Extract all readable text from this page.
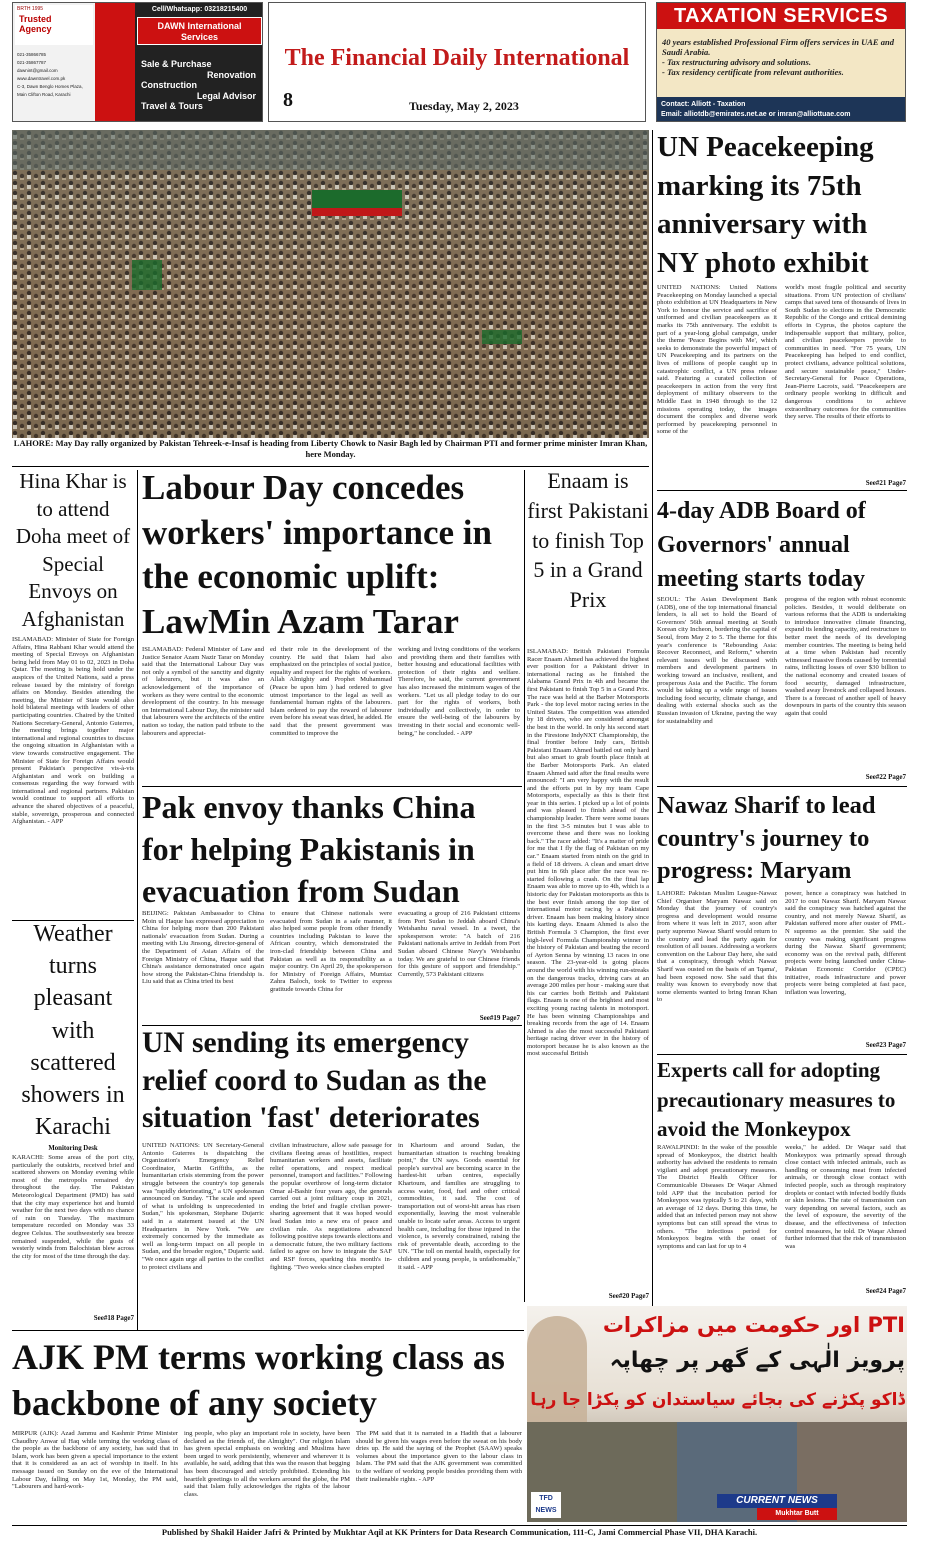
BRTH 1995
Trusted Agency
021-35866785
021-35867787
dawnint@gmail.com
www.dawntravel.com.pk
C-3, Dawn Benglo Homes Plaza, Main Clifton Road, Karachi
Cell/Whatsapp: 03218215400
DAWN International Services
Sale & Purchase
Renovation
Construction
Legal Advisor
Travel & Tours
The Financial Daily International
8	Tuesday, May 2, 2023
TAXATION SERVICES
40 years established Professional Firm offers services in UAE and Saudi Arabia.
- Tax restructuring advisory and solutions.
- Tax residency certificate from relevant authorities.
Contact: Alliott - Taxation
Email: alliotdb@emirates.net.ae or imran@alliottuae.com
LAHORE: May Day rally organized by Pakistan Tehreek-e-Insaf is heading from Liberty Chowk to Nasir Bagh led by Chairman PTI and former prime minister Imran Khan, here Monday.
UN Peacekeeping marking its 75th anniversary with NY photo exhibit
UNITED NATIONS: United Nations Peacekeeping on Monday launched a special photo exhibition at UN Headquarters in New York to honour the service and sacrifice of uniformed and civilian peacekeepers as it marks its 75th anniversary. The exhibit is part of a year-long global campaign, under the theme 'Peace Begins with Me', which seeks to demonstrate the powerful impact of UN Peacekeeping and its partners on the lives of millions of people caught up in catastrophic conflict, a UN press release said. Featuring a curated collection of peacekeepers in action from the very first deployment of military observers to the Middle East in 1948 through to the 12 missions operating today, the images document the complex and diverse work performed by peacekeeping personnel in some of the
world's most fragile political and security situations. From UN protection of civilians' camps that saved tens of thousands of lives in South Sudan to elections in the Democratic Republic of the Congo and critical demining efforts in Cyprus, the photos capture the indispensable support that military, police, and civilian peacekeepers provide to communities in need. "For 75 years, UN Peacekeeping has helped to end conflict, protect civilians, advance political solutions, and secure sustainable peace," Under-Secretary-General for Peace Operations, Jean-Pierre Lacroix, said. "Peacekeepers are ordinary people working in difficult and dangerous conditions to achieve extraordinary outcomes for the communities they serve. The results of their efforts to
See#21 Page7
Hina Khar is to attend Doha meet of Special Envoys on Afghanistan
ISLAMABAD: Minister of State for Foreign Affairs, Hina Rabbani Khar would attend the meeting of Special Envoys on Afghanistan being held from May 01 to 02, 2023 in Doha Qatar. The meeting is being hold under the auspices of the United Nations, said a press release issued by the ministry of foreign affairs on Monday. Besides attending the meeting, the Minister of State would also hold bilateral meetings with leaders of other participating countries. Chaired by the United Nations Secretary-General, Antonio Guterres, the meeting brings together major international and regional countries to discuss the ongoing situation in Afghanistan with a view towards constructive engagement. The Minister of State for Foreign Affairs would present Pakistan's perspective vis-à-vis Afghanistan and work on building a consensus regarding the way forward with international and regional partners. Pakistan would continue to support all efforts to advance the shared objectives of a peaceful, stable, sovereign, prosperous and connected Afghanistan. - APP
Labour Day concedes workers' importance in the economic uplift: LawMin Azam Tarar
ISLAMABAD: Federal Minister of Law and Justice Senator Azam Nazir Tarar on Monday said that the International Labour Day was not only a symbol of the sanctity and dignity of labourers, but it was also an acknowledgement of the importance of workers as they were central to the economic development of the country. In his message on International Labour Day, the minister said that labourers were the architects of the entire nation so today, the nation paid tribute to the labourers and appreciat-
ed their role in the development of the country. He said that Islam had also emphasized on the principles of social justice, equality and respect for the rights of workers. Allah Almighty and Prophet Muhammad (Peace be upon him ) had ordered to give utmost importance to the legal as well as fundamental human rights of the labourers. Islam ordered to pay the reward of labourer even before his sweat was dried, he added. He said that the present government was committed to improve the
working and living conditions of the workers and providing them and their families with better housing and educational facilities with protection of their rights and welfare. Therefore, he said, the current government has also increased the minimum wages of the workers. "Let us all pledge today to do our part for the rights of workers, both individually and collectively, in order to ensure the well-being of the labourers by investing in their social and economic well-being," he concluded. - APP
Enaam is first Pakistani to finish Top 5 in a Grand Prix
ISLAMABAD: British Pakistani Formula Racer Enaam Ahmed has achieved the highest ever position for a Pakistani driver in international racing as he finished the Alabama Grand Prix in 4th and became the first Pakistani to finish Top 5 in a Grand Prix. The race was held at the Barber Motorsports Park - the top level motor racing series in the United States. The competition was attended by 18 drivers, who are considered amongst the best in the world. In only his second start in the Firestone IndyNXT Championship, the final frontier before Indy cars, British Pakistani Enaam Ahmed battled out only hard but also smart to grab fourth place finish at the Barber Motorsports Park. An elated Enaam Ahmed said after the final results were announced: "I am very happy with the result and the efforts put in by my team Cape Motorsports, especially as this is their first year in this series. I picked up a lot of points and was pleased to finish ahead of the championship leader. There were some issues in the first 3-5 minutes but I was able to overcome these and there was no looking back." The racer added: "It's a matter of pride for me that I fly the flag of Pakistan on my car." Enaam started from ninth on the grid in a field of 18 drivers. A clean and smart drive put him in 6th place after the race was re-started following a crash. On the final lap Enaam was able to move up to 4th, which is a historic day for Pakistan motorsports as this is the best ever finish among the top tier of international motor racing by a Pakistani driver. Enaam has been making history since his karting days. Enaam Ahmed is also the British Formula 3 Champion, the first ever high-level Formula Championship winner in the history of Pakistan and beating the record of Ayrton Senna by winning 13 races in one season. The 23-year-old is going places around the world with his winning run-streaks on the dangerous tracks, driving cars at an average 200 miles per hour - making sure that his car carries both British and Pakistani flags. Enaam is one of the brightest and most exciting young racing talents in motorsport. He has been winning Championships and breaking records from the age of 14. Enaam Ahmed is also the most successful Pakistani heritage racing driver ever in the history of motorsport because he is also known as the most successful British
See#20 Page7
4-day ADB Board of Governors' annual meeting starts today
SEOUL: The Asian Development Bank (ADB), one of the top international financial lenders, is all set to hold the Board of Governors' 56th annual meeting at South Korean city Incheon, bordering the capital of Seoul, from May 2 to 5. The theme for this year's conference is "Rebounding Asia: Recover Reconnect, and Reform," wherein relevant issues will be discussed with members and development partners in working toward an inclusive, resilient, and prosperous Asia and the Pacific. The forum would be taking up a wide range of issues including food security, climate change, and dealing with external shocks such as the Russian invasion of Ukraine, paving the way for sustainability and
progress of the region with robust economic policies. Besides, it would deliberate on various reforms that the ADB is undertaking to introduce innovative climate financing, expand its lending capacity, and restructure to better meet the needs of its developing member countries. The meeting is being held at a time when Pakistan had recently witnessed massive floods caused by torrential rains, inflicting losses of over $30 billion to the national economy and created issues of food security, damaged infrastructure, washed away livestock and collapsed houses. There is a forecast of another spell of heavy downpours in parts of the country this season again that could
See#22 Page7
Pak envoy thanks China for helping Pakistanis in evacuation from Sudan
BEIJING: Pakistan Ambassador to China Moin ul Haque has expressed appreciation to China for helping more than 200 Pakistani nationals' evacuation from Sudan. During a meeting with Liu Jinsong, director-general of the Department of Asian Affairs of the Foreign Ministry of China, Haque said that China's assistance demonstrated once again how strong the Pakistan-China friendship is. Liu said that as China tried its best
to ensure that Chinese nationals were evacuated from Sudan in a safe manner, it also helped some people from other friendly countries including Pakistan to leave the African country, which demonstrated the iron-clad friendship between China and Pakistan as well as its responsibility as a major country. On April 29, the spokesperson for Ministry of Foreign Affairs, Mumtaz Zahra Baloch, took to Twitter to express gratitude towards China for
evacuating a group of 216 Pakistani citizens from Port Sudan to Jeddah aboard China's Weishanhu naval vessel. In a tweet, the spokesperson wrote: "A batch of 216 Pakistani nationals arrive in Jeddah from Port Sudan aboard Chinese Navy's Weishanhu today. We are grateful to our Chinese friends for this gesture of support and friendship." Currently, 573 Pakistani citizens
See#19 Page7
Nawaz Sharif to lead country's journey to progress: Maryam
LAHORE: Pakistan Muslim League-Nawaz Chief Organiser Maryam Nawaz said on Monday that the journey of country's progress and development would resume from where it was left in 2017, soon after party supremo Nawaz Sharif would return to the country and lead the party again for resolution of all issues. Addressing a workers convention on the Labour Day here, she said that a conspiracy, through which Nawaz Sharif was ousted on the basis of an 'Iqama', had been exposed now. She said that this reality was known to everybody now that some elements wanted to bring Imran Khan to
power, hence a conspiracy was hatched in 2017 to oust Nawaz Sharif. Maryam Nawaz said the conspiracy was hatched against the country, and not merely Nawaz Sharif, as Pakistan suffered more after ouster of PML-N supremo as the premier. She said the country was making significant progress during the Nawaz Sharif government; economy was on the revival path, different projects were being launched under China-Pakistan Economic Corridor (CPEC) initiative, roads infrastructure and power projects were being completed at fast pace, inflation was lowering,
See#23 Page7
Weather turns pleasant with scattered showers in Karachi
Monitoring Desk
KARACHI: Some areas of the port city, particularly the outskirts, received brief and scattered showers on Monday evening while most of the metropolis remained dry throughout the day. The Pakistan Meteorological Department (PMD) has said that the city may experience hot and humid weather for the next two days with no chance of rain on Tuesday. The maximum temperature recorded on Monday was 33 degree Celsius. The southwesterly sea breeze remained suspended, while the gusts of westerly winds from Balochistan blew across the city for most of the time through the day.
See#18 Page7
UN sending its emergency relief coord to Sudan as the situation 'fast' deteriorates
UNITED NATIONS: UN Secretary-General Antonio Guterres is dispatching the Organization's Emergency Relief Coordinator, Martin Griffiths, as the humanitarian crisis stemming from the power struggle between the country's top generals was "rapidly deteriorating," a UN spokesman announced on Sunday. "The scale and speed of what is unfolding is unprecedented in Sudan," his spokesman, Stephane Dujarric said in a statement issued at the UN Headquarters in New York. "We are extremely concerned by the immediate as well as long-term impact on all people in Sudan, and the broader region," Dujarric said. "We once again urge all parties to the conflict to protect civilians and
civilian infrastructure, allow safe passage for civilians fleeing areas of hostilities, respect humanitarian workers and assets, facilitate relief operations, and respect medical personnel, transport and facilities." Following the popular overthrow of long-term dictator Omar al-Bashir four years ago, the generals carried out a joint military coup in 2021, ending the brief and fragile civilian power-sharing agreement that it was hoped would lead Sudan into a new era of peace and civilian rule. As negotiations advanced following positive steps towards elections and a democratic future, the two military factions failed to agree on how to integrate the SAF and RSF forces, sparking this month's in-fighting. "Two weeks since clashes erupted
in Khartoum and around Sudan, the humanitarian situation is reaching breaking point," the UN says. Goods essential for people's survival are becoming scarce in the hardest-hit urban centres, especially Khartoum, and families are struggling to access water, food, fuel and other critical commodities, it said. The cost of transportation out of worst-hit areas has risen exponentially, leaving the most vulnerable unable to locate safer areas. Access to urgent health care, including for those injured in the violence, is severely constrained, raising the risk of preventable death, according to the UN. "The toll on mental health, especially for children and young people, is unfathomable," it said. - APP
Experts call for adopting precautionary measures to avoid the Monkeypox
RAWALPINDI: In the wake of the possible spread of Monkeypox, the district health authority has advised the residents to remain vigilant and adopt precautionary measures. The District Health Officer for Communicable Diseases Dr Waqar Ahmed told APP that the incubation period for Monkeypox was typically 5 to 21 days, with an average of 12 days. During this time, he added that an infected person may not show symptoms but can still spread the virus to others. "The infectious period for Monkeypox begins with the onset of symptoms and can last for up to 4
weeks," he added. Dr Waqar said that Monkeypox was primarily spread through close contact with infected animals, such as handling or consuming meat from infected animals, or through close contact with infected people, such as through respiratory droplets or contact with infected bodily fluids or skin lesions. The rate of transmission can vary depending on several factors, such as the level of exposure, the severity of the disease, and the effectiveness of infection control measures, he told. Dr Waqar Ahmed further informed that the risk of transmission was
See#24 Page7
AJK PM terms working class as backbone of any society
MIRPUR (AJK): Azad Jammu and Kashmir Prime Minister Chaudhry Anwar ul Haq while terming the working class of the people as the backbone of any society, has said that in Islam, work has been given a special importance to the extent that it is considered as an act of worship in itself. In his message issued on Sunday on the eve of the International Labour Day, falling on May 1st, Monday, the PM said, "Labourers and hard-work-
ing people, who play an important role in society, have been declared as the friends of, the Almighty". Our religion Islam has given special emphasis on working and Muslims have been urged to work persistently, whenever and wherever it is available, he said, adding that this was the reason that begging has been discouraged and strictly prohibited. Extending his heartfelt greetings to all the workers around the globe, the PM said that Islam fully acknowledges the rights of the labour class.
The PM said that it is narrated in a Hadith that a labourer should be given his wages even before the sweat on his body dries up. He said the saying of the Prophet (SAAW) speaks volumes about the importance given to the labour class in Islam. The PM said that the AJK government was committed to the welfare of working people besides providing them with their inalienable rights. - APP
PTI اور حکومت میں مزاکرات
پرویز الٰہی کے گھر پر چھاپہ
ڈاکو پکڑنے کی بجائے سیاستدان کو پکڑا جا رہا
TFD NEWS
CURRENT NEWS
Mukhtar Butt
Published by Shakil Haider Jafri & Printed by Mukhtar Aqil at KK Printers for Data Research Communication, 111-C, Jami Commercial Phase VII, DHA Karachi.
